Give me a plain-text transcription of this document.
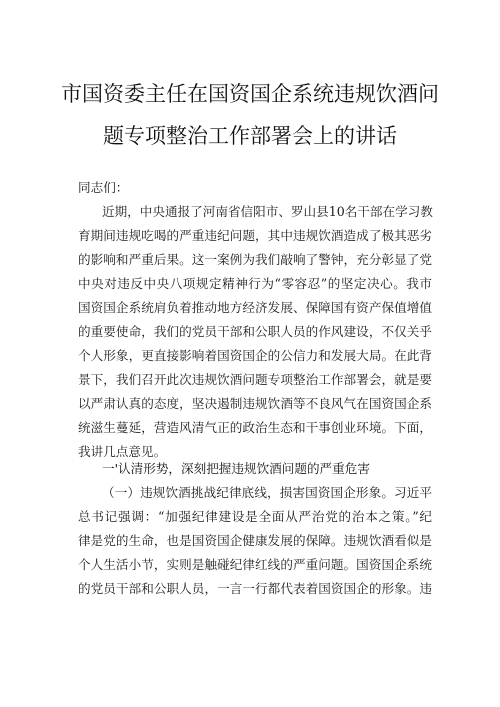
市国资委主任在国资国企系统违规饮酒问
题专项整治工作部署会上的讲话
同志们：
近期，中央通报了河南省信阳市、罗山县10名干部在学习教
育期间违规吃喝的严重违纪问题，其中违规饮酒造成了极其恶劣
的影响和严重后果。这一案例为我们敲响了警钟，充分彰显了党
中央对违反中央八项规定精神行为“零容忍”的坚定决心。我市
国资国企系统肩负着推动地方经济发展、保障国有资产保值增值
的重要使命，我们的党员干部和公职人员的作风建设，不仅关乎
个人形象，更直接影响着国资国企的公信力和发展大局。在此背
景下，我们召开此次违规饮酒问题专项整治工作部署会，就是要
以严肃认真的态度，坚决遏制违规饮酒等不良风气在国资国企系
统滋生蔓延，营造风清气正的政治生态和干事创业环境。下面，
我讲几点意见。
一'认清形势，深刻把握违规饮酒问题的严重危害
（一）违规饮酒挑战纪律底线，损害国资国企形象。习近平
总书记强调：“加强纪律建设是全面从严治党的治本之策。”纪
律是党的生命，也是国资国企健康发展的保障。违规饮酒看似是
个人生活小节，实则是触碰纪律红线的严重问题。国资国企系统
的党员干部和公职人员，一言一行都代表着国资国企的形象。违
